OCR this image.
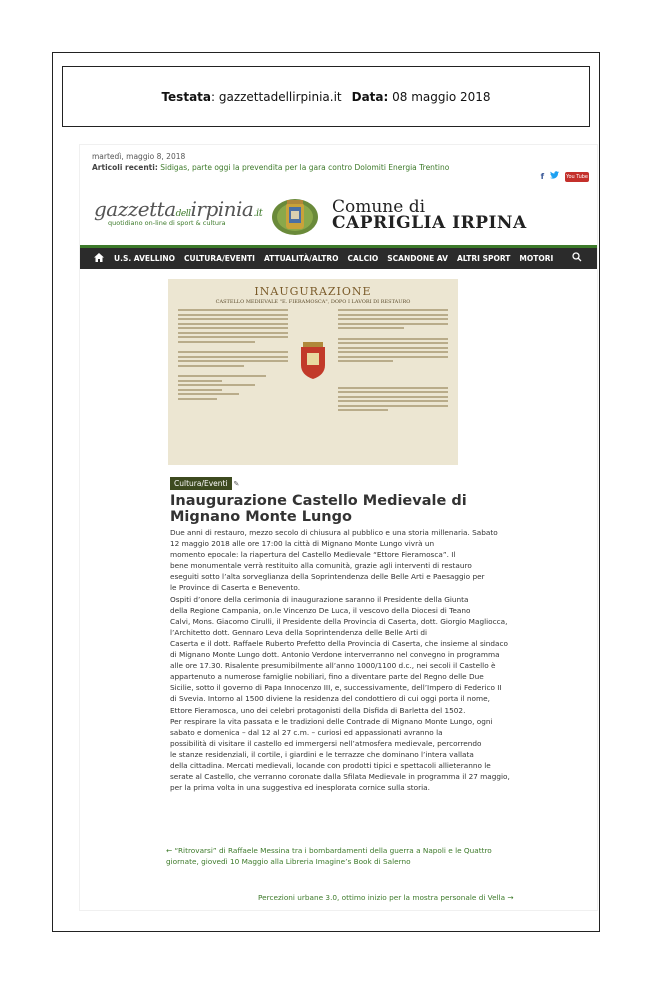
Testata: gazzettadellirpinia.it Data: 08 maggio 2018
martedì, maggio 8, 2018
Articoli recenti: Sidigas, parte oggi la prevendita per la gara contro Dolomiti Energia Trentino
f	You Tube
gazzettadellirpinia.it
quotidiano on-line di sport & cultura
Comune di
CAPRIGLIA IRPINA
U.S. AVELLINO CULTURA/EVENTI ATTUALITÀ/ALTRO CALCIO SCANDONE AV ALTRI SPORT MOTORI
INAUGURAZIONE
CASTELLO MEDIEVALE "E. FIERAMOSCA", DOPO I LAVORI DI RESTAURO
Cultura/Eventi ✎
Inaugurazione Castello Medievale di Mignano Monte Lungo

Due anni di restauro, mezzo secolo di chiusura al pubblico e una storia millenaria. Sabato

12 maggio 2018 alle ore 17:00 la città di Mignano Monte Lungo vivrà un

momento epocale: la riapertura del Castello Medievale “Ettore Fieramosca”. Il

bene monumentale verrà restituito alla comunità, grazie agli interventi di restauro

eseguiti sotto l’alta sorveglianza della Soprintendenza delle Belle Arti e Paesaggio per

le Province di Caserta e Benevento.

Ospiti d’onore della cerimonia di inaugurazione saranno il Presidente della Giunta

della Regione Campania, on.le Vincenzo De Luca, il vescovo della Diocesi di Teano

Calvi, Mons. Giacomo Cirulli, il Presidente della Provincia di Caserta, dott. Giorgio Magliocca,

l’Architetto dott. Gennaro Leva della Soprintendenza delle Belle Arti di

Caserta e il dott. Raffaele Ruberto Prefetto della Provincia di Caserta, che insieme al sindaco

di Mignano Monte Lungo dott. Antonio Verdone interverranno nel convegno in programma

alle ore 17.30. Risalente presumibilmente all’anno 1000/1100 d.c., nei secoli il Castello è

appartenuto a numerose famiglie nobiliari, fino a diventare parte del Regno delle Due

Sicilie, sotto il governo di Papa Innocenzo III, e, successivamente, dell’Impero di Federico II

di Svevia. Intorno al 1500 diviene la residenza del condottiero di cui oggi porta il nome,

Ettore Fieramosca, uno dei celebri protagonisti della Disfida di Barletta del 1502.

Per respirare la vita passata e le tradizioni delle Contrade di Mignano Monte Lungo, ogni

sabato e domenica – dal 12 al 27 c.m. – curiosi ed appassionati avranno la

possibilità di visitare il castello ed immergersi nell’atmosfera medievale, percorrendo

le stanze residenziali, il cortile, i giardini e le terrazze che dominano l’intera vallata

della cittadina. Mercati medievali, locande con prodotti tipici e spettacoli allieteranno le

serate al Castello, che verranno coronate dalla Sfilata Medievale in programma il 27 maggio,

per la prima volta in una suggestiva ed inesplorata cornice sulla storia.

← “Ritrovarsi” di Raffaele Messina tra i bombardamenti della guerra a Napoli e le Quattro giornate, giovedì 10 Maggio alla Libreria Imagine’s Book di Salerno
Percezioni urbane 3.0, ottimo inizio per la mostra personale di Vella →
